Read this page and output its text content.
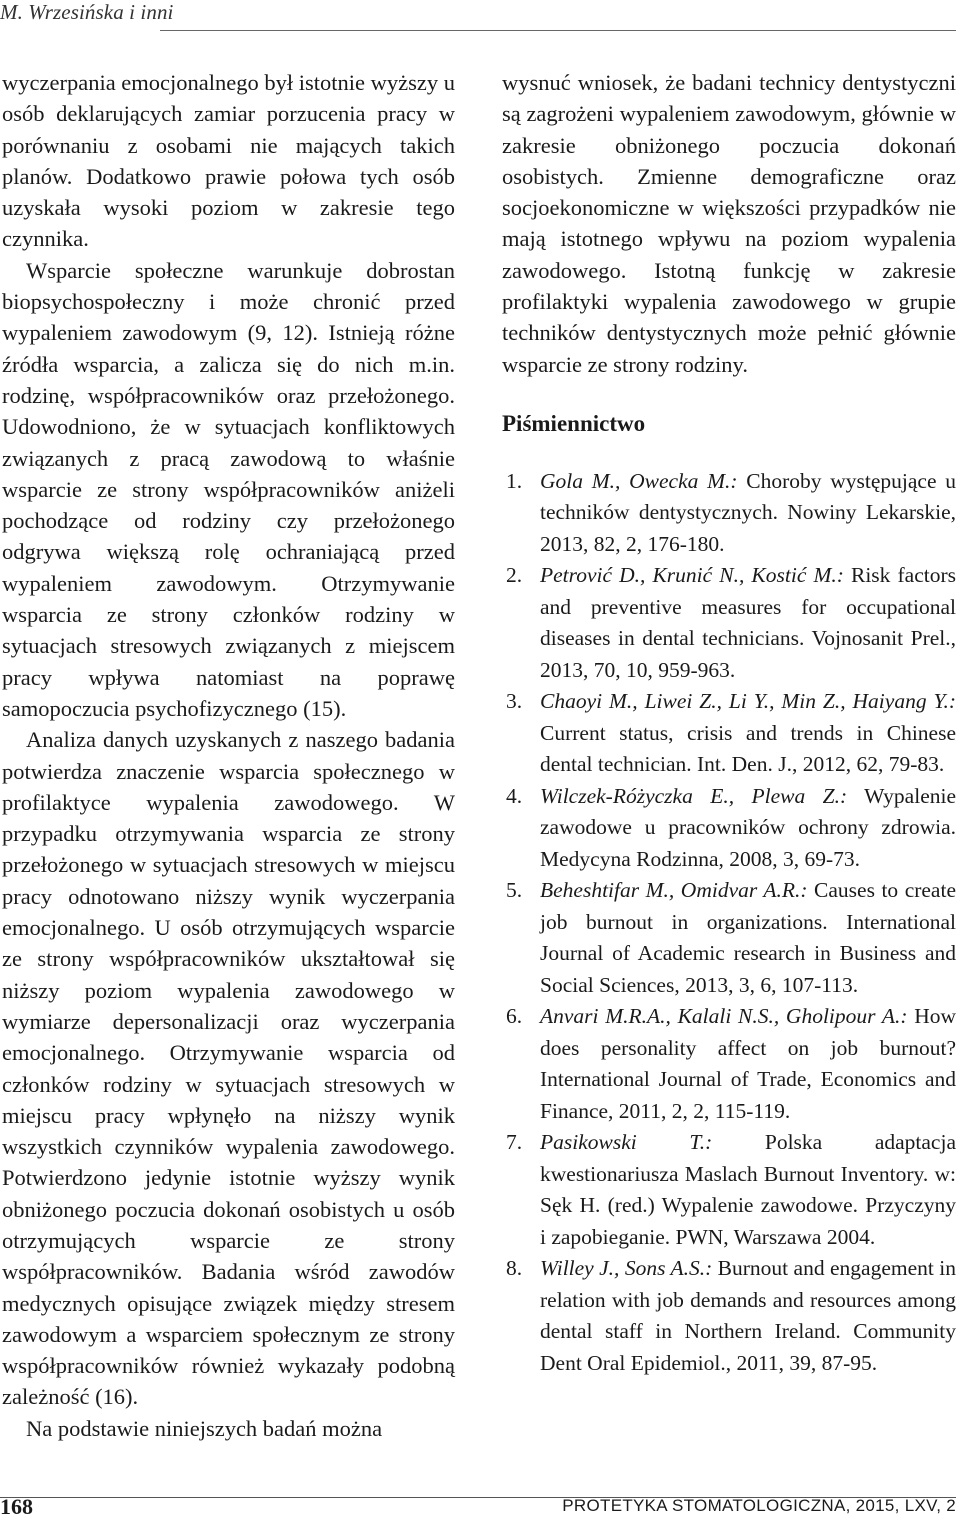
M. Wrzesińska i inni

wyczerpania emocjonalnego był istotnie wyższy u osób deklarujących zamiar porzucenia pracy w porównaniu z osobami nie mających takich planów. Dodatkowo prawie połowa tych osób uzyskała wysoki poziom w zakresie tego czynnika.

Wsparcie społeczne warunkuje dobrostan biopsychospołeczny i może chronić przed wypaleniem zawodowym (9, 12). Istnieją różne źródła wsparcia, a zalicza się do nich m.in. rodzinę, współpracowników oraz przełożonego. Udowodniono, że w sytuacjach konfliktowych związanych z pracą zawodową to właśnie wsparcie ze strony współpracowników aniżeli pochodzące od rodziny czy przełożonego odgrywa większą rolę ochraniającą przed wypaleniem zawodowym. Otrzymywanie wsparcia ze strony członków rodziny w sytuacjach stresowych związanych z miejscem pracy wpływa natomiast na poprawę samopoczucia psychofizycznego (15).

Analiza danych uzyskanych z naszego badania potwierdza znaczenie wsparcia społecznego w profilaktyce wypalenia zawodowego. W przypadku otrzymywania wsparcia ze strony przełożonego w sytuacjach stresowych w miejscu pracy odnotowano niższy wynik wyczerpania emocjonalnego. U osób otrzymujących wsparcie ze strony współpracowników ukształtował się niższy poziom wypalenia zawodowego w wymiarze depersonalizacji oraz wyczerpania emocjonalnego. Otrzymywanie wsparcia od członków rodziny w sytuacjach stresowych w miejscu pracy wpłynęło na niższy wynik wszystkich czynników wypalenia zawodowego. Potwierdzono jedynie istotnie wyższy wynik obniżonego poczucia dokonań osobistych u osób otrzymujących wsparcie ze strony współpracowników. Badania wśród zawodów medycznych opisujące związek między stresem zawodowym a wsparciem społecznym ze strony współpracowników również wykazały podobną zależność (16).

Na podstawie niniejszych badań można

wysnuć wniosek, że badani technicy dentystyczni są zagrożeni wypaleniem zawodowym, głównie w zakresie obniżonego poczucia dokonań osobistych. Zmienne demograficzne oraz socjoekonomiczne w większości przypadków nie mają istotnego wpływu na poziom wypalenia zawodowego. Istotną funkcję w zakresie profilaktyki wypalenia zawodowego w grupie techników dentystycznych może pełnić głównie wsparcie ze strony rodziny.

Piśmiennictwo
1. Gola M., Owecka M.: Choroby występujące u techników dentystycznych. Nowiny Lekarskie, 2013, 82, 2, 176-180.
2. Petrović D., Krunić N., Kostić M.: Risk factors and preventive measures for occupational diseases in dental technicians. Vojnosanit Prel., 2013, 70, 10, 959-963.
3. Chaoyi M., Liwei Z., Li Y., Min Z., Haiyang Y.: Current status, crisis and trends in Chinese dental technician. Int. Den. J., 2012, 62, 79-83.
4. Wilczek-Różyczka E., Plewa Z.: Wypalenie zawodowe u pracowników ochrony zdrowia. Medycyna Rodzinna, 2008, 3, 69-73.
5. Beheshtifar M., Omidvar A.R.: Causes to create job burnout in organizations. International Journal of Academic research in Business and Social Sciences, 2013, 3, 6, 107-113.
6. Anvari M.R.A., Kalali N.S., Gholipour A.: How does personality affect on job burnout? International Journal of Trade, Economics and Finance, 2011, 2, 2, 115-119.
7. Pasikowski T.: Polska adaptacja kwestionariusza Maslach Burnout Inventory. w: Sęk H. (red.) Wypalenie zawodowe. Przyczyny i zapobieganie. PWN, Warszawa 2004.
8. Willey J., Sons A.S.: Burnout and engagement in relation with job demands and resources among dental staff in Northern Ireland. Community Dent Oral Epidemiol., 2011, 39, 87-95.
168	PROTETYKA STOMATOLOGICZNA, 2015, LXV, 2
